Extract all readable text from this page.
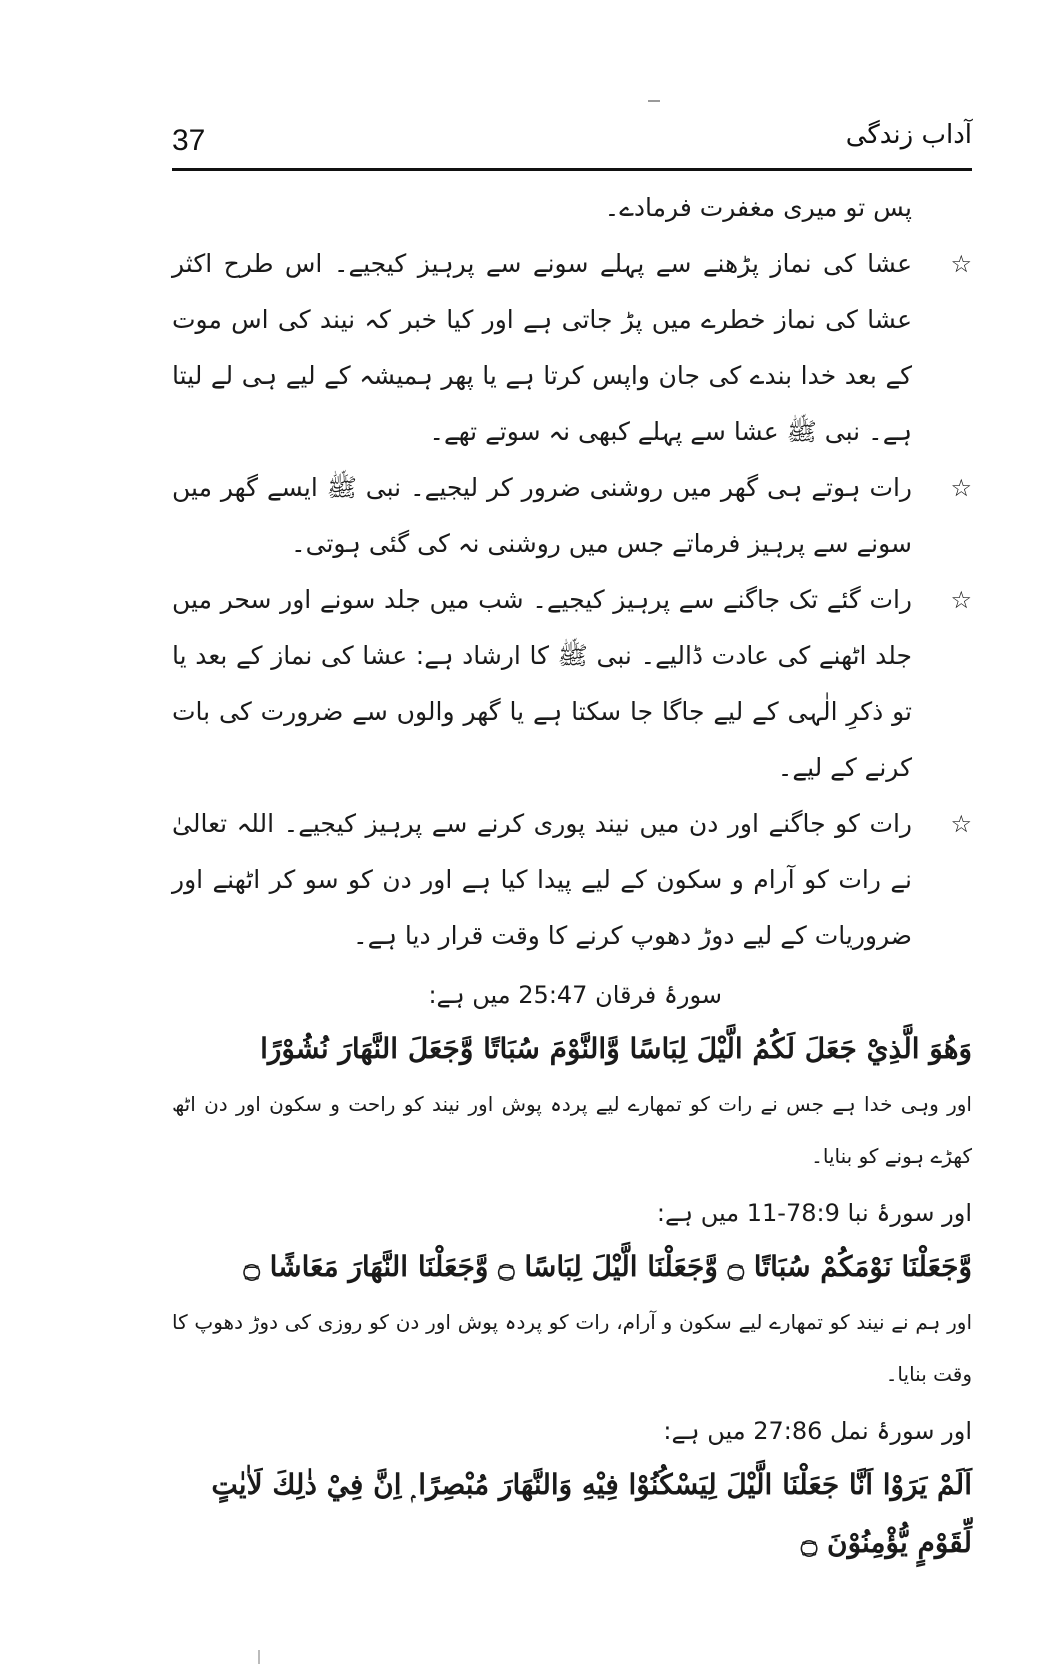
37	آداب زندگی

پس تو میری مغفرت فرمادے۔

☆
عشا کی نماز پڑھنے سے پہلے سونے سے پرہیز کیجیے۔ اس طرح اکثر عشا کی نماز خطرے میں پڑ جاتی ہے اور کیا خبر کہ نیند کی اس موت کے بعد خدا بندے کی جان واپس کرتا ہے یا پھر ہمیشہ کے لیے ہی لے لیتا ہے۔ نبی ﷺ عشا سے پہلے کبھی نہ سوتے تھے۔
☆
رات ہوتے ہی گھر میں روشنی ضرور کر لیجیے۔ نبی ﷺ ایسے گھر میں سونے سے پرہیز فرماتے جس میں روشنی نہ کی گئی ہوتی۔
☆
رات گئے تک جاگنے سے پرہیز کیجیے۔ شب میں جلد سونے اور سحر میں جلد اٹھنے کی عادت ڈالیے۔ نبی ﷺ کا ارشاد ہے: عشا کی نماز کے بعد یا تو ذکرِ الٰہی کے لیے جاگا جا سکتا ہے یا گھر والوں سے ضرورت کی بات کرنے کے لیے۔
☆
رات کو جاگنے اور دن میں نیند پوری کرنے سے پرہیز کیجیے۔ اللہ تعالیٰ نے رات کو آرام و سکون کے لیے پیدا کیا ہے اور دن کو سو کر اٹھنے اور ضروریات کے لیے دوڑ دھوپ کرنے کا وقت قرار دیا ہے۔

سورۂ فرقان 25:47 میں ہے:

وَهُوَ الَّذِيْ جَعَلَ لَكُمُ الَّيْلَ لِبَاسًا وَّالنَّوْمَ سُبَاتًا وَّجَعَلَ النَّهَارَ نُشُوْرًا

اور وہی خدا ہے جس نے رات کو تمھارے لیے پردہ پوش اور نیند کو راحت و سکون اور دن اٹھ کھڑے ہونے کو بنایا۔

اور سورۂ نبا 78:9-11 میں ہے:

وَّجَعَلْنَا نَوْمَكُمْ سُبَاتًا ۝ وَّجَعَلْنَا الَّيْلَ لِبَاسًا ۝ وَّجَعَلْنَا النَّهَارَ مَعَاشًا ۝

اور ہم نے نیند کو تمھارے لیے سکون و آرام، رات کو پردہ پوش اور دن کو روزی کی دوڑ دھوپ کا وقت بنایا۔

اور سورۂ نمل 27:86 میں ہے:

اَلَمْ يَرَوْا اَنَّا جَعَلْنَا الَّيْلَ لِيَسْكُنُوْا فِيْهِ وَالنَّهَارَ مُبْصِرًا ۭ اِنَّ فِيْ ذٰلِكَ لَاٰيٰتٍ لِّقَوْمٍ يُّؤْمِنُوْنَ ۝
